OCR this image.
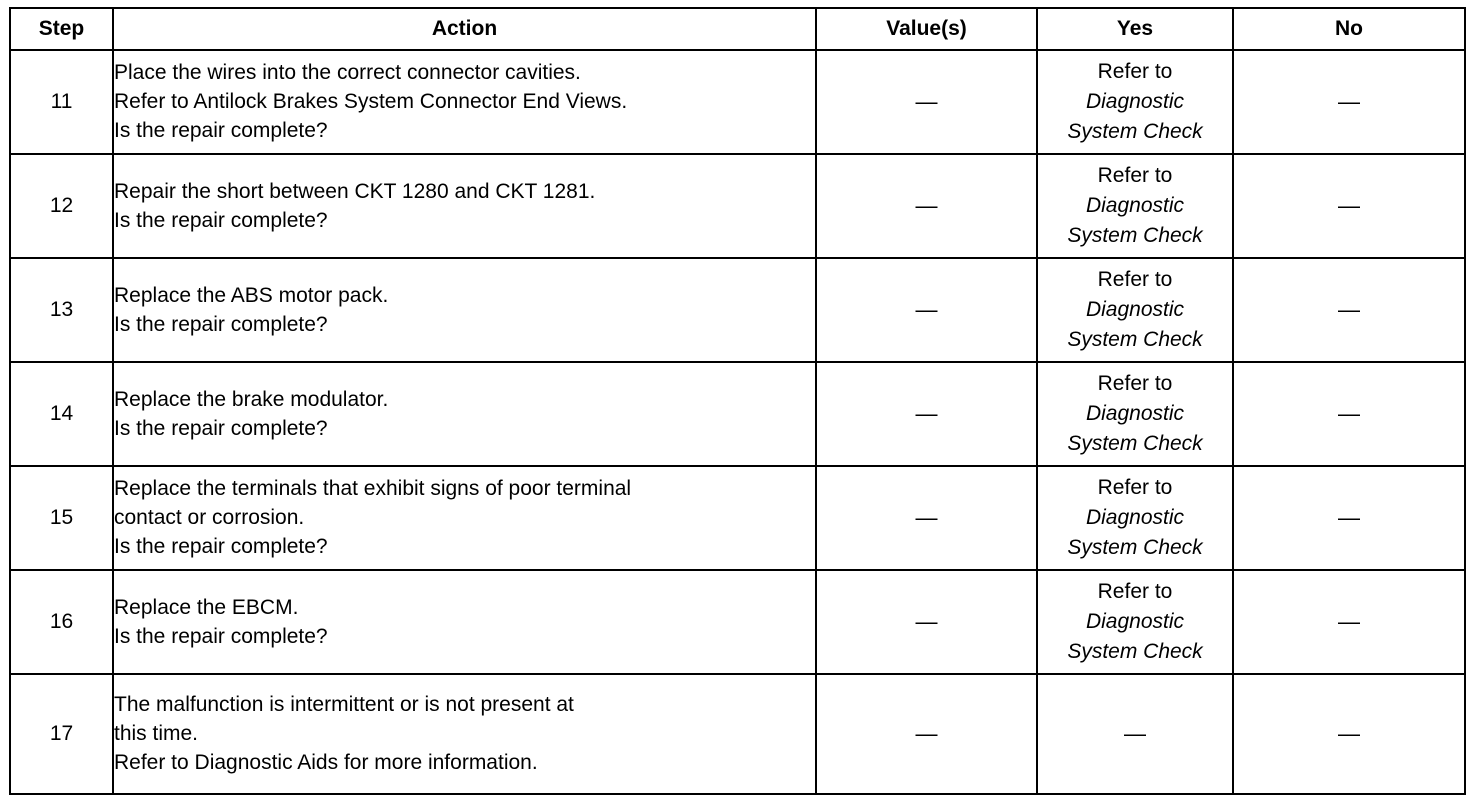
Step	Action	Value(s)	Yes	No
11	Place the wires into the correct connector cavities.
Refer to Antilock Brakes System Connector End Views.
Is the repair complete?	—	Refer to
Diagnostic
System Check	—
12	Repair the short between CKT 1280 and CKT 1281.
Is the repair complete?	—	Refer to
Diagnostic
System Check	—
13	Replace the ABS motor pack.
Is the repair complete?	—	Refer to
Diagnostic
System Check	—
14	Replace the brake modulator.
Is the repair complete?	—	Refer to
Diagnostic
System Check	—
15	Replace the terminals that exhibit signs of poor terminal
contact or corrosion.
Is the repair complete?	—	Refer to
Diagnostic
System Check	—
16	Replace the EBCM.
Is the repair complete?	—	Refer to
Diagnostic
System Check	—
17	The malfunction is intermittent or is not present at
this time.
Refer to Diagnostic Aids for more information.	—	—	—
